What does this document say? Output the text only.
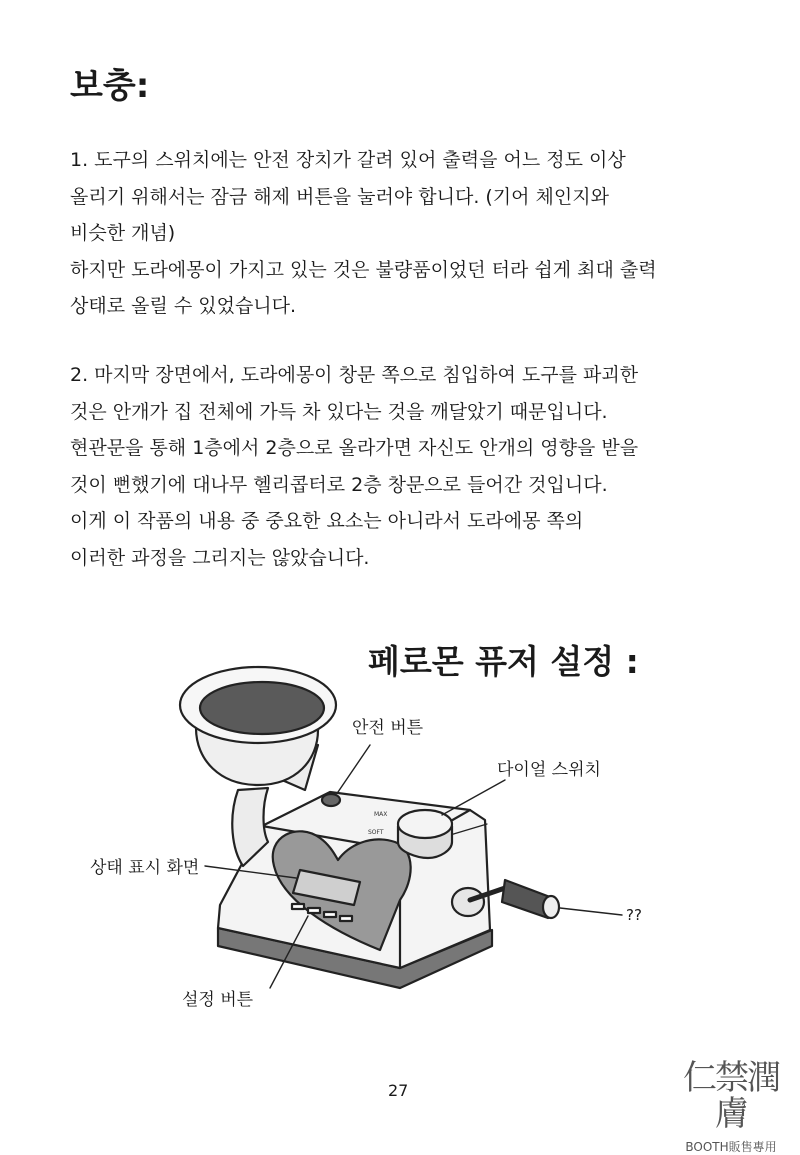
보충:

1. 도구의 스위치에는 안전 장치가 갈려 있어 출력을 어느 정도 이상

올리기 위해서는 잠금 해제 버튼을 눌러야 합니다. (기어 체인지와

비슷한 개념)

하지만 도라에몽이 가지고 있는 것은 불량품이었던 터라 쉽게 최대 출력

상태로 올릴 수 있었습니다.

2. 마지막 장면에서, 도라에몽이 창문 쪽으로 침입하여 도구를 파괴한

것은 안개가 집 전체에 가득 차 있다는 것을 깨달았기 때문입니다.

현관문을 통해 1층에서 2층으로 올라가면 자신도 안개의 영향을 받을

것이 뻔했기에 대나무 헬리콥터로 2층 창문으로 들어간 것입니다.

이게 이 작품의 내용 중 중요한 요소는 아니라서 도라에몽 쪽의

이러한 과정을 그리지는 않았습니다.

페로몬 퓨저 설정 :
MAX
SOFT
안전 버튼
다이얼 스위치
상태 표시 화면
??
설정 버튼
27	仁禁潤膚
BOOTH販售專用
